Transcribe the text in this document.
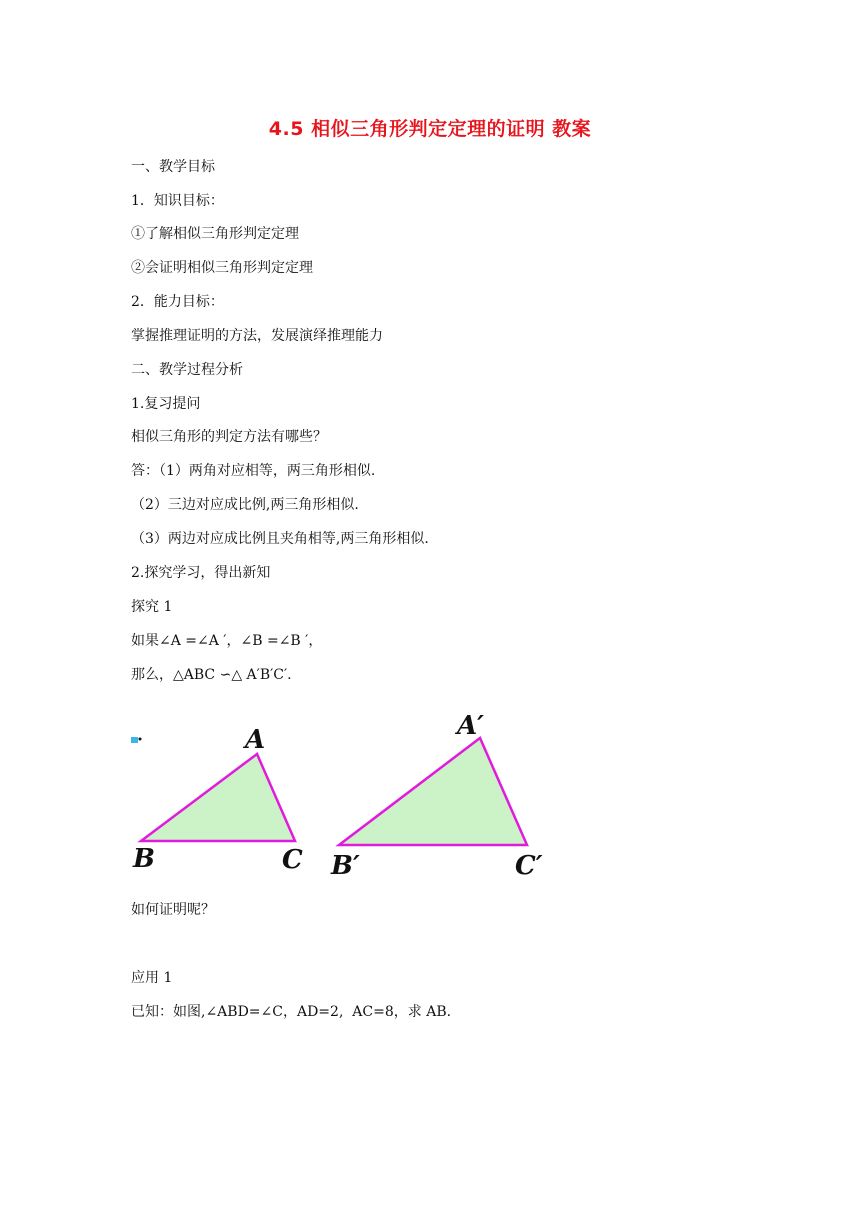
4.5 相似三角形判定定理的证明 教案
一、教学目标
1．知识目标：
①了解相似三角形判定定理
②会证明相似三角形判定定理
2．能力目标：
掌握推理证明的方法，发展演绎推理能力
二、教学过程分析
1.复习提问
相似三角形的判定方法有哪些？
答：（1）两角对应相等，两三角形相似.
（2）三边对应成比例,两三角形相似.
（3）两边对应成比例且夹角相等,两三角形相似.
2.探究学习，得出新知
探究 1
如果∠A =∠A ′，∠B =∠B ′，
那么，△ABC ∽△ A′B′C′.
A
B	C
A′
B′	C′
如何证明呢？
应用 1
已知：如图,∠ABD=∠C，AD=2,  AC=8，求 AB.
